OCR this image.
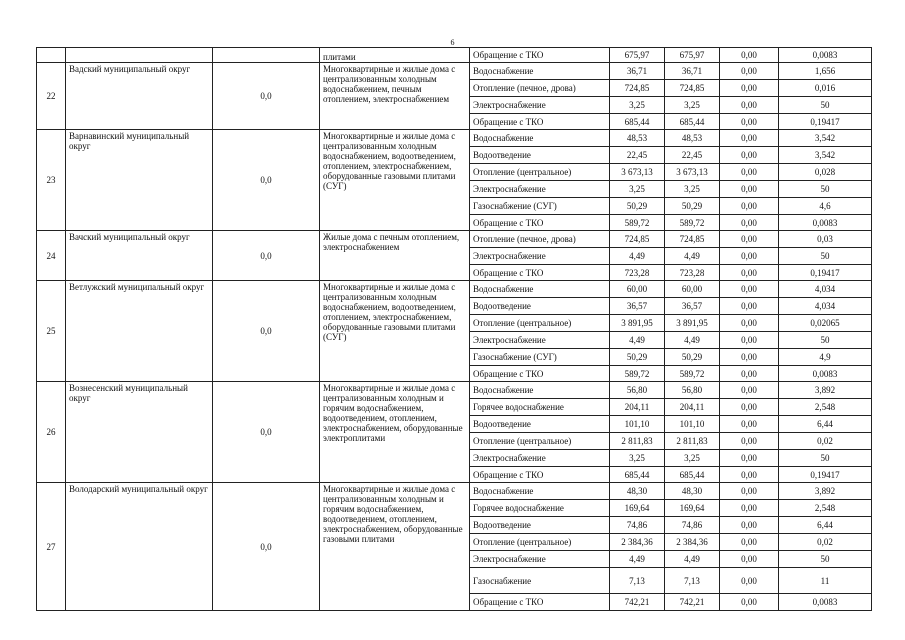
6
			плитами	Обращение с ТКО	675,97	675,97	0,00	0,0083
22	Вадский муниципальный округ	0,0	Многоквартирные и жилые дома с централизованным холодным водоснабжением, печным отоплением, электроснабжением	Водоснабжение	36,71	36,71	0,00	1,656
				Отопление (печное, дрова)	724,85	724,85	0,00	0,016
				Электроснабжение	3,25	3,25	0,00	50
				Обращение с ТКО	685,44	685,44	0,00	0,19417
23	Варнавинский муниципальный округ	0,0	Многоквартирные и жилые дома с централизованным холодным водоснабжением, водоотведением, отоплением, электроснабжением, оборудованные газовыми плитами (СУГ)	Водоснабжение	48,53	48,53	0,00	3,542
				Водоотведение	22,45	22,45	0,00	3,542
				Отопление (центральное)	3 673,13	3 673,13	0,00	0,028
				Электроснабжение	3,25	3,25	0,00	50
				Газоснабжение (СУГ)	50,29	50,29	0,00	4,6
				Обращение с ТКО	589,72	589,72	0,00	0,0083
24	Вачский муниципальный округ	0,0	Жилые дома с печным отоплением, электроснабжением	Отопление (печное, дрова)	724,85	724,85	0,00	0,03
				Электроснабжение	4,49	4,49	0,00	50
				Обращение с ТКО	723,28	723,28	0,00	0,19417
25	Ветлужский муниципальный округ	0,0	Многоквартирные и жилые дома с централизованным холодным водоснабжением, водоотведением, отоплением, электроснабжением, оборудованные газовыми плитами (СУГ)	Водоснабжение	60,00	60,00	0,00	4,034
				Водоотведение	36,57	36,57	0,00	4,034
				Отопление (центральное)	3 891,95	3 891,95	0,00	0,02065
				Электроснабжение	4,49	4,49	0,00	50
				Газоснабжение (СУГ)	50,29	50,29	0,00	4,9
				Обращение с ТКО	589,72	589,72	0,00	0,0083
26	Вознесенский муниципальный округ	0,0	Многоквартирные и жилые дома с централизованным холодным и горячим водоснабжением, водоотведением, отоплением, электроснабжением, оборудованные электроплитами	Водоснабжение	56,80	56,80	0,00	3,892
				Горячее водоснабжение	204,11	204,11	0,00	2,548
				Водоотведение	101,10	101,10	0,00	6,44
				Отопление (центральное)	2 811,83	2 811,83	0,00	0,02
				Электроснабжение	3,25	3,25	0,00	50
				Обращение с ТКО	685,44	685,44	0,00	0,19417
27	Володарский муниципальный округ	0,0	Многоквартирные и жилые дома с централизованным холодным и горячим водоснабжением, водоотведением, отоплением, электроснабжением, оборудованные газовыми плитами	Водоснабжение	48,30	48,30	0,00	3,892
				Горячее водоснабжение	169,64	169,64	0,00	2,548
				Водоотведение	74,86	74,86	0,00	6,44
				Отопление (центральное)	2 384,36	2 384,36	0,00	0,02
				Электроснабжение	4,49	4,49	0,00	50
				Газоснабжение	7,13	7,13	0,00	11
				Обращение с ТКО	742,21	742,21	0,00	0,0083
